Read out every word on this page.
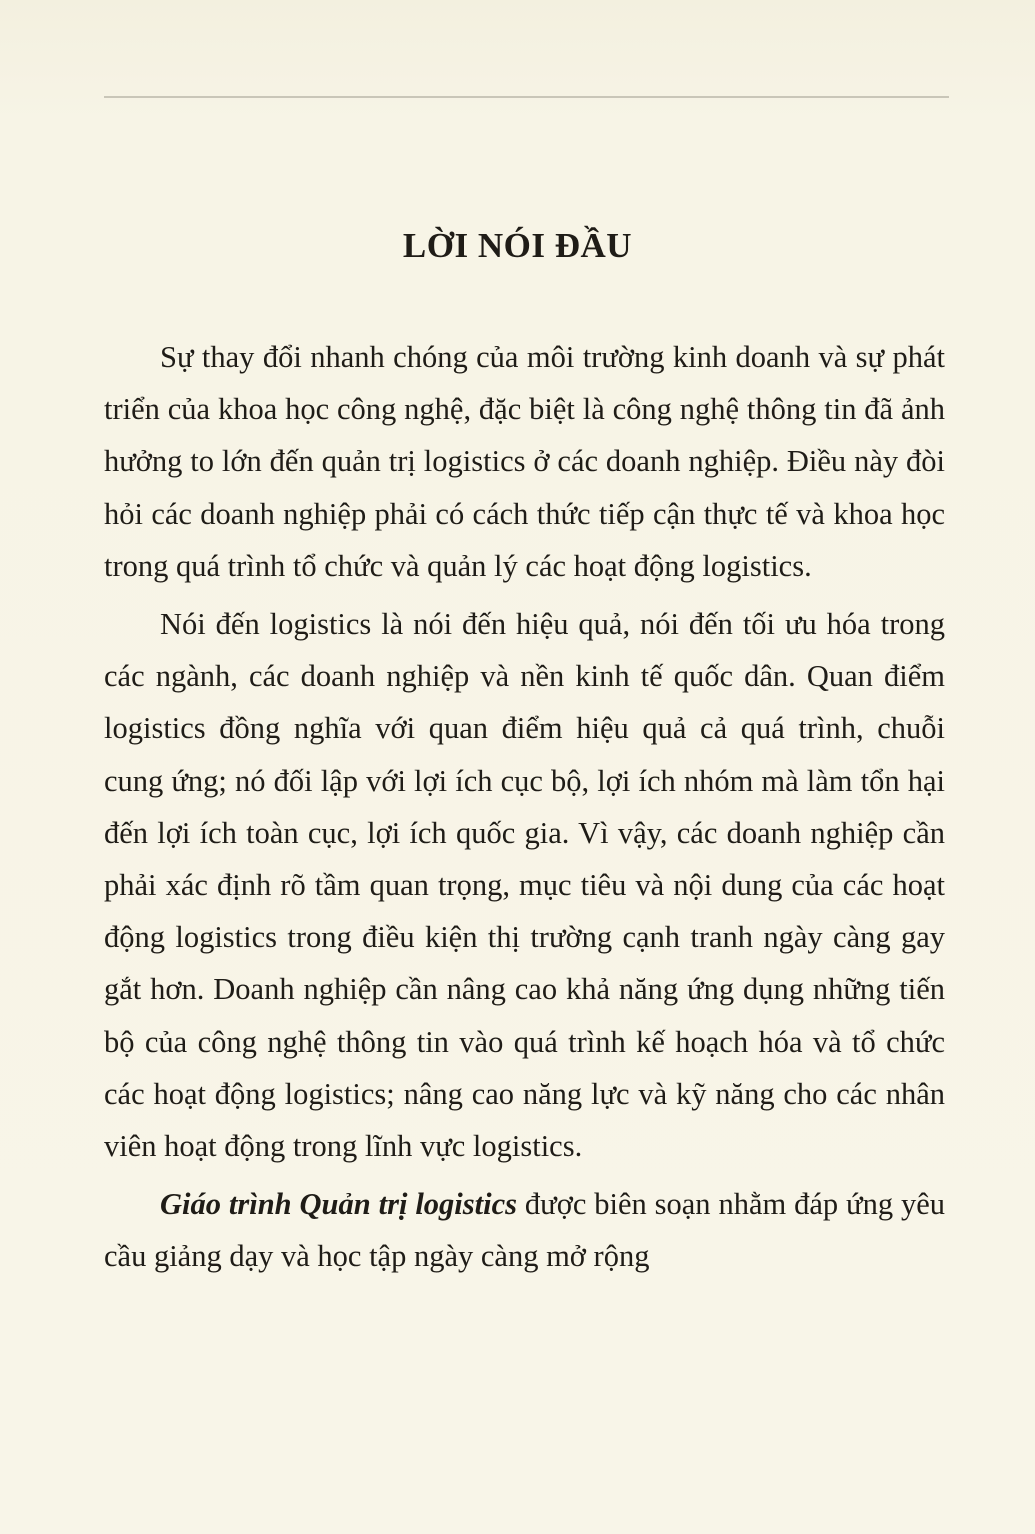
LỜI NÓI ĐẦU

Sự thay đổi nhanh chóng của môi trường kinh doanh và sự phát triển của khoa học công nghệ, đặc biệt là công nghệ thông tin đã ảnh hưởng to lớn đến quản trị logistics ở các doanh nghiệp. Điều này đòi hỏi các doanh nghiệp phải có cách thức tiếp cận thực tế và khoa học trong quá trình tổ chức và quản lý các hoạt động logistics.

Nói đến logistics là nói đến hiệu quả, nói đến tối ưu hóa trong các ngành, các doanh nghiệp và nền kinh tế quốc dân. Quan điểm logistics đồng nghĩa với quan điểm hiệu quả cả quá trình, chuỗi cung ứng; nó đối lập với lợi ích cục bộ, lợi ích nhóm mà làm tổn hại đến lợi ích toàn cục, lợi ích quốc gia. Vì vậy, các doanh nghiệp cần phải xác định rõ tầm quan trọng, mục tiêu và nội dung của các hoạt động logistics trong điều kiện thị trường cạnh tranh ngày càng gay gắt hơn. Doanh nghiệp cần nâng cao khả năng ứng dụng những tiến bộ của công nghệ thông tin vào quá trình kế hoạch hóa và tổ chức các hoạt động logistics; nâng cao năng lực và kỹ năng cho các nhân viên hoạt động trong lĩnh vực logistics.

Giáo trình Quản trị logistics được biên soạn nhằm đáp ứng yêu cầu giảng dạy và học tập ngày càng mở rộng
